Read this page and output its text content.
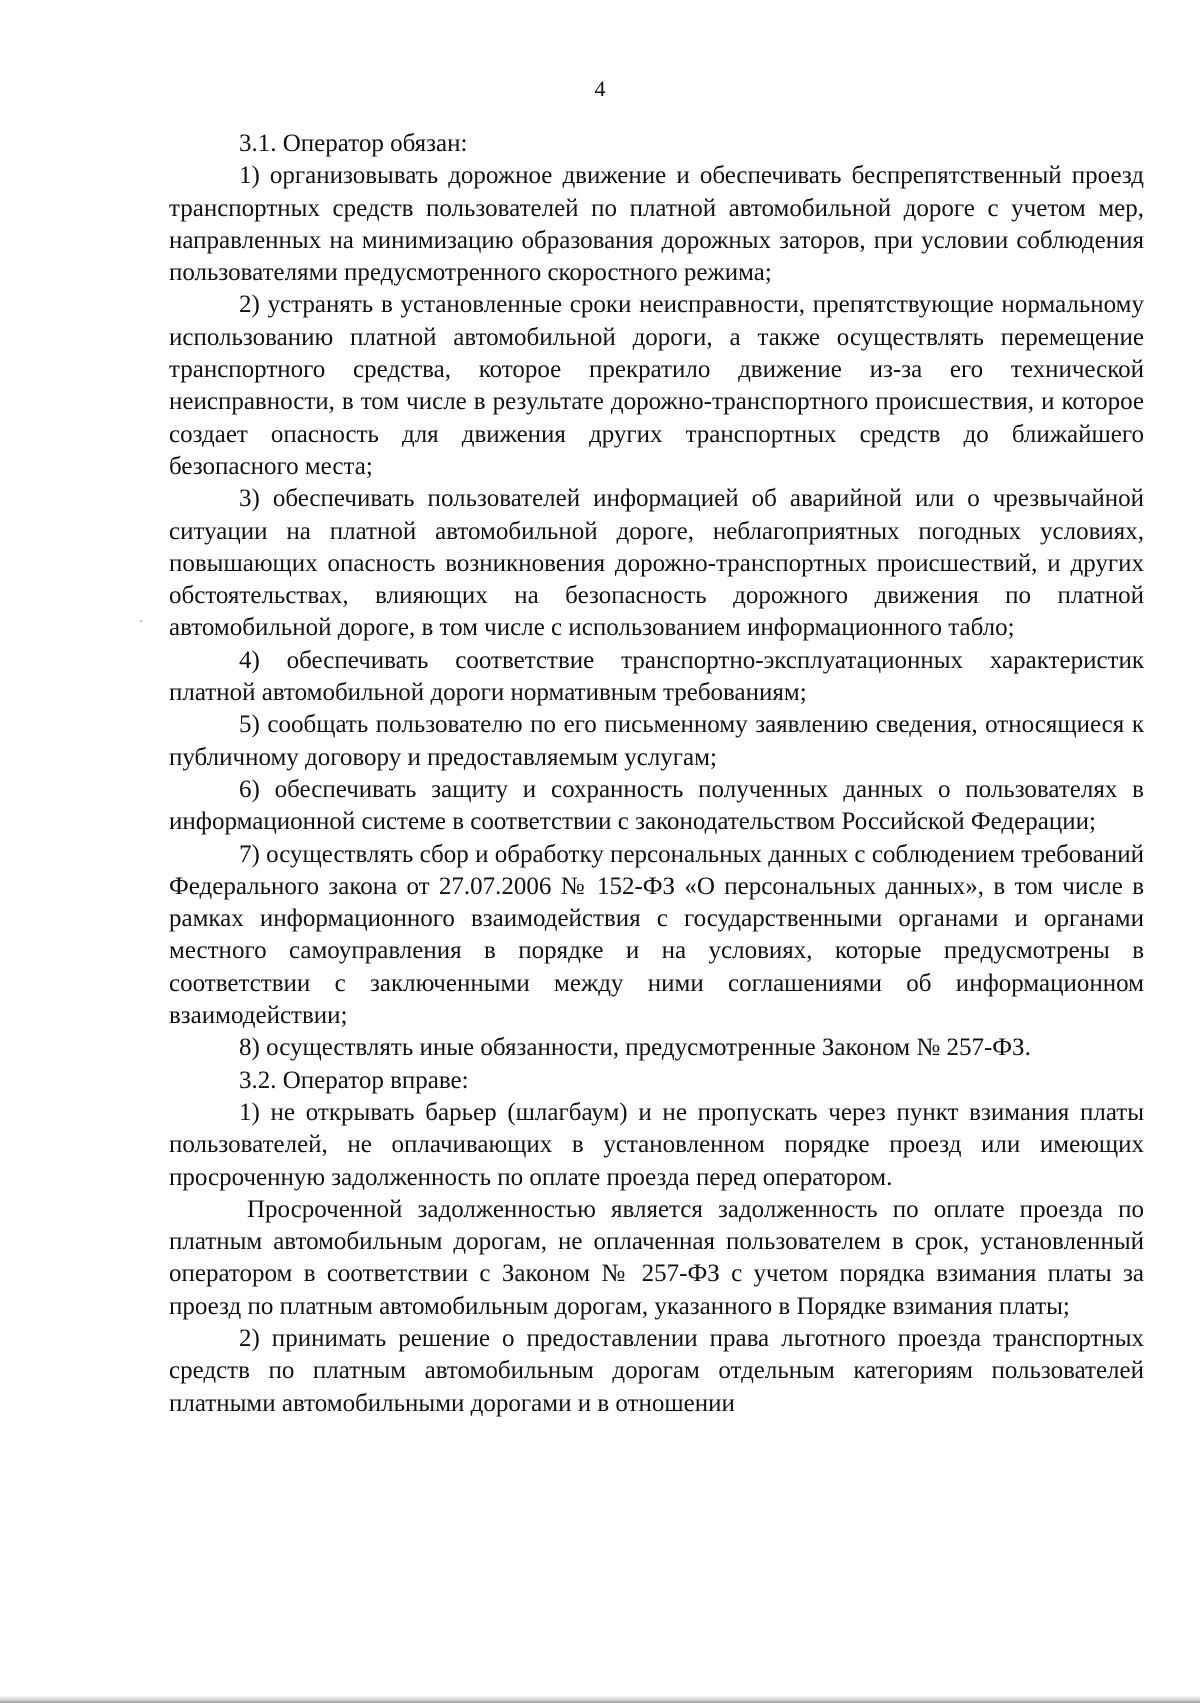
4

3.1. Оператор обязан:

1) организовывать дорожное движение и обеспечивать беспрепятственный проезд транспортных средств пользователей по платной автомобильной дороге с учетом мер, направленных на минимизацию образования дорожных заторов, при условии соблюдения пользователями предусмотренного скоростного режима;

2) устранять в установленные сроки неисправности, препятствующие нормальному использованию платной автомобильной дороги, а также осуществлять перемещение транспортного средства, которое прекратило движение из-за его технической неисправности, в том числе в результате дорожно-транспортного происшествия, и которое создает опасность для движения других транспортных средств до ближайшего безопасного места;

3) обеспечивать пользователей информацией об аварийной или о чрезвычайной ситуации на платной автомобильной дороге, неблагоприятных погодных условиях, повышающих опасность возникновения дорожно-транспортных происшествий, и других обстоятельствах, влияющих на безопасность дорожного движения по платной автомобильной дороге, в том числе с использованием информационного табло;

4) обеспечивать соответствие транспортно-эксплуатационных характеристик платной автомобильной дороги нормативным требованиям;

5) сообщать пользователю по его письменному заявлению сведения, относящиеся к публичному договору и предоставляемым услугам;

6) обеспечивать защиту и сохранность полученных данных о пользователях в информационной системе в соответствии с законодательством Российской Федерации;

7) осуществлять сбор и обработку персональных данных с соблюдением требований Федерального закона от 27.07.2006 № 152-ФЗ «О персональных данных», в том числе в рамках информационного взаимодействия с государственными органами и органами местного самоуправления в порядке и на условиях, которые предусмотрены в соответствии с заключенными между ними соглашениями об информационном взаимодействии;

8) осуществлять иные обязанности, предусмотренные Законом № 257-ФЗ.

3.2. Оператор вправе:

1) не открывать барьер (шлагбаум) и не пропускать через пункт взимания платы пользователей, не оплачивающих в установленном порядке проезд или имеющих просроченную задолженность по оплате проезда перед оператором.

Просроченной задолженностью является задолженность по оплате проезда по платным автомобильным дорогам, не оплаченная пользователем в срок, установленный оператором в соответствии с Законом № 257-ФЗ с учетом порядка взимания платы за проезд по платным автомобильным дорогам, указанного в Порядке взимания платы;

2) принимать решение о предоставлении права льготного проезда транспортных средств по платным автомобильным дорогам отдельным категориям пользователей платными автомобильными дорогами и в отношении
